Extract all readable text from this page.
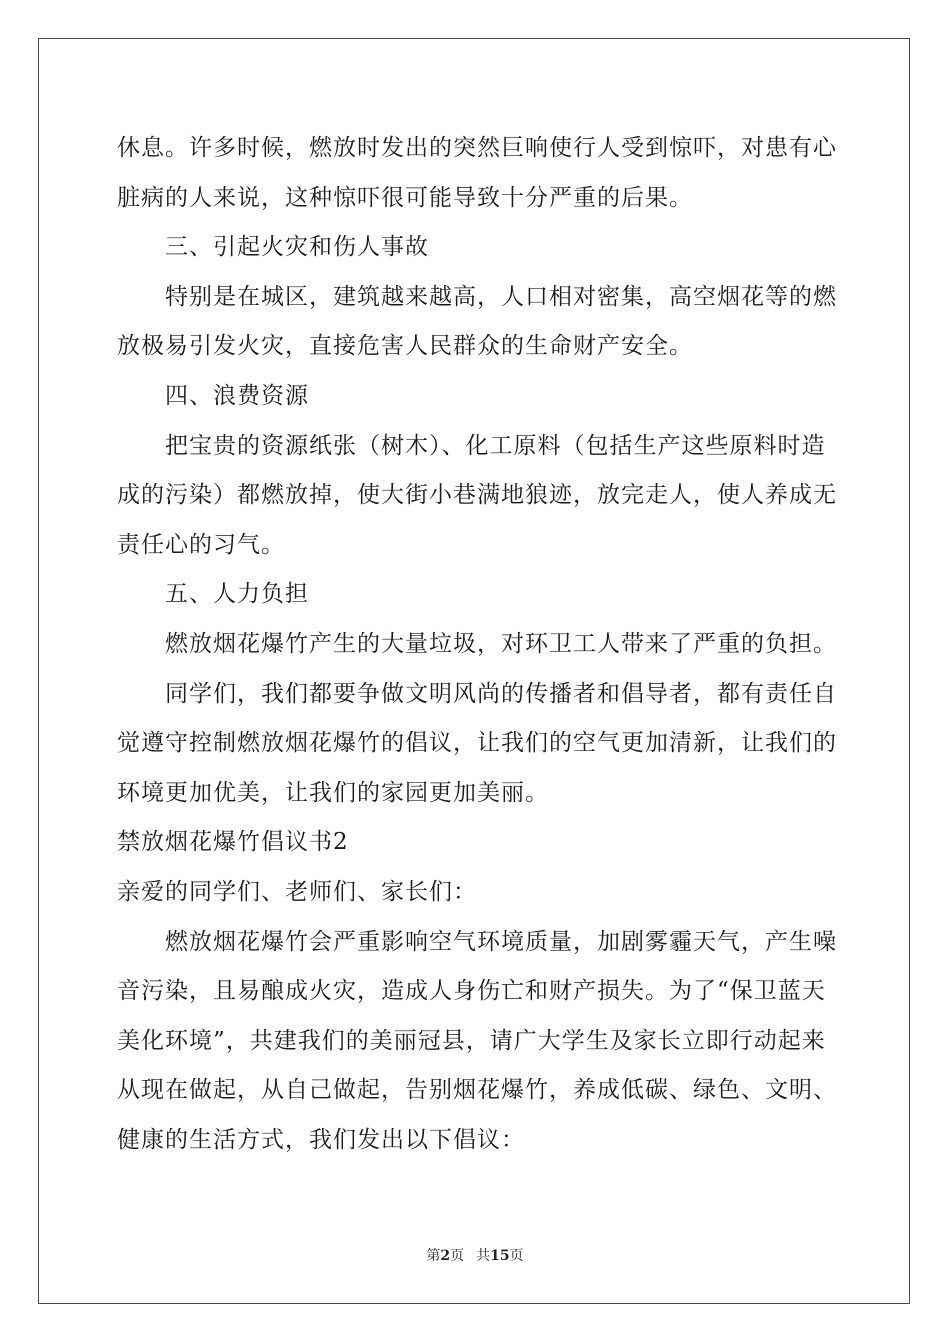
休息。许多时候，燃放时发出的突然巨响使行人受到惊吓，对患有心
脏病的人来说，这种惊吓很可能导致十分严重的后果。
三、引起火灾和伤人事故
特别是在城区，建筑越来越高，人口相对密集，高空烟花等的燃
放极易引发火灾，直接危害人民群众的生命财产安全。
四、浪费资源
把宝贵的资源纸张（树木）、化工原料（包括生产这些原料时造
成的污染）都燃放掉，使大街小巷满地狼迹，放完走人，使人养成无
责任心的习气。
五、人力负担
燃放烟花爆竹产生的大量垃圾，对环卫工人带来了严重的负担。
同学们，我们都要争做文明风尚的传播者和倡导者，都有责任自
觉遵守控制燃放烟花爆竹的倡议，让我们的空气更加清新，让我们的
环境更加优美，让我们的家园更加美丽。
禁放烟花爆竹倡议书2
亲爱的同学们、老师们、家长们：
燃放烟花爆竹会严重影响空气环境质量，加剧雾霾天气，产生噪
音污染，且易酿成火灾，造成人身伤亡和财产损失。为了“保卫蓝天
美化环境”，共建我们的美丽冠县，请广大学生及家长立即行动起来
从现在做起，从自己做起，告别烟花爆竹，养成低碳、绿色、文明、
健康的生活方式，我们发出以下倡议：
第2页 共15页
